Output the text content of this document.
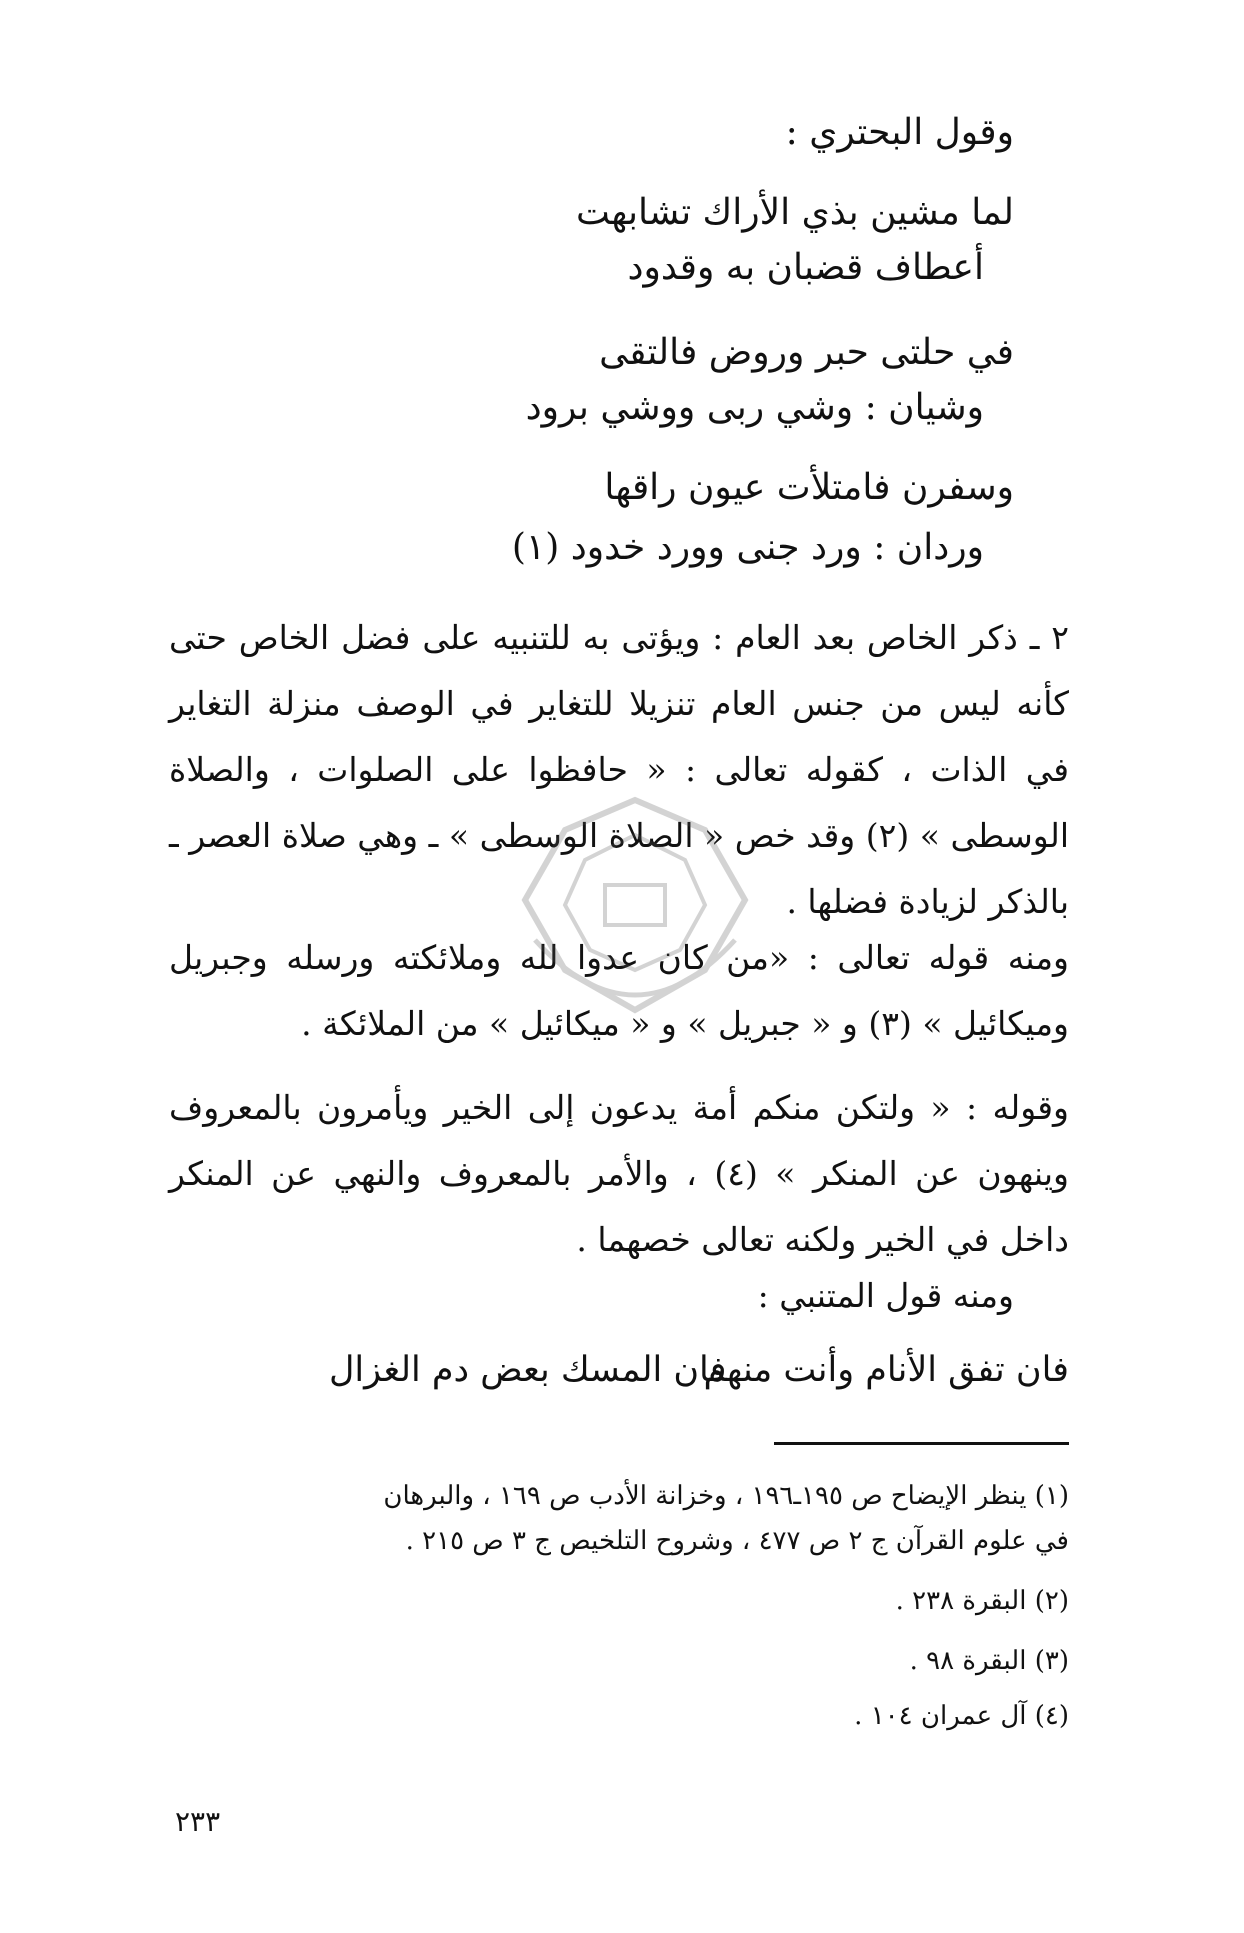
وقول البحتري :
لما مشين بذي الأراك تشابهت
أعطاف قضبان به وقدود
في حلتى حبر وروض فالتقى
وشيان : وشي ربى ووشي برود
وسفرن فامتلأت عيون راقها
وردان : ورد جنى وورد خدود (١)
٢ ـ ذكر الخاص بعد العام : ويؤتى به للتنبيه على فضل الخاص حتى كأنه ليس من جنس العام تنزيلا للتغاير في الوصف منزلة التغاير في الذات ، كقوله تعالى : « حافظوا على الصلوات ، والصلاة الوسطى » (٢) وقد خص « الصلاة الوسطى » ـ وهي صلاة العصر ـ بالذكر لزيادة فضلها .
ومنه قوله تعالى : «من كان عدوا لله وملائكته ورسله وجبريل وميكائيل » (٣) و « جبريل » و « ميكائيل » من الملائكة .
وقوله : « ولتكن منكم أمة يدعون إلى الخير ويأمرون بالمعروف وينهون عن المنكر » (٤) ، والأمر بالمعروف والنهي عن المنكر داخل في الخير ولكنه تعالى خصهما .
ومنه قول المتنبي :
فان تفق الأنام وأنت منهم
فان المسك بعض دم الغزال
(١) ينظر الإيضاح ص ١٩٥ـ١٩٦ ، وخزانة الأدب ص ١٦٩ ، والبرهان
في علوم القرآن ج ٢ ص ٤٧٧ ، وشروح التلخيص ج ٣ ص ٢١٥ .
(٢) البقرة ٢٣٨ .
(٣) البقرة ٩٨ .
(٤) آل عمران ١٠٤ .
٢٣٣
